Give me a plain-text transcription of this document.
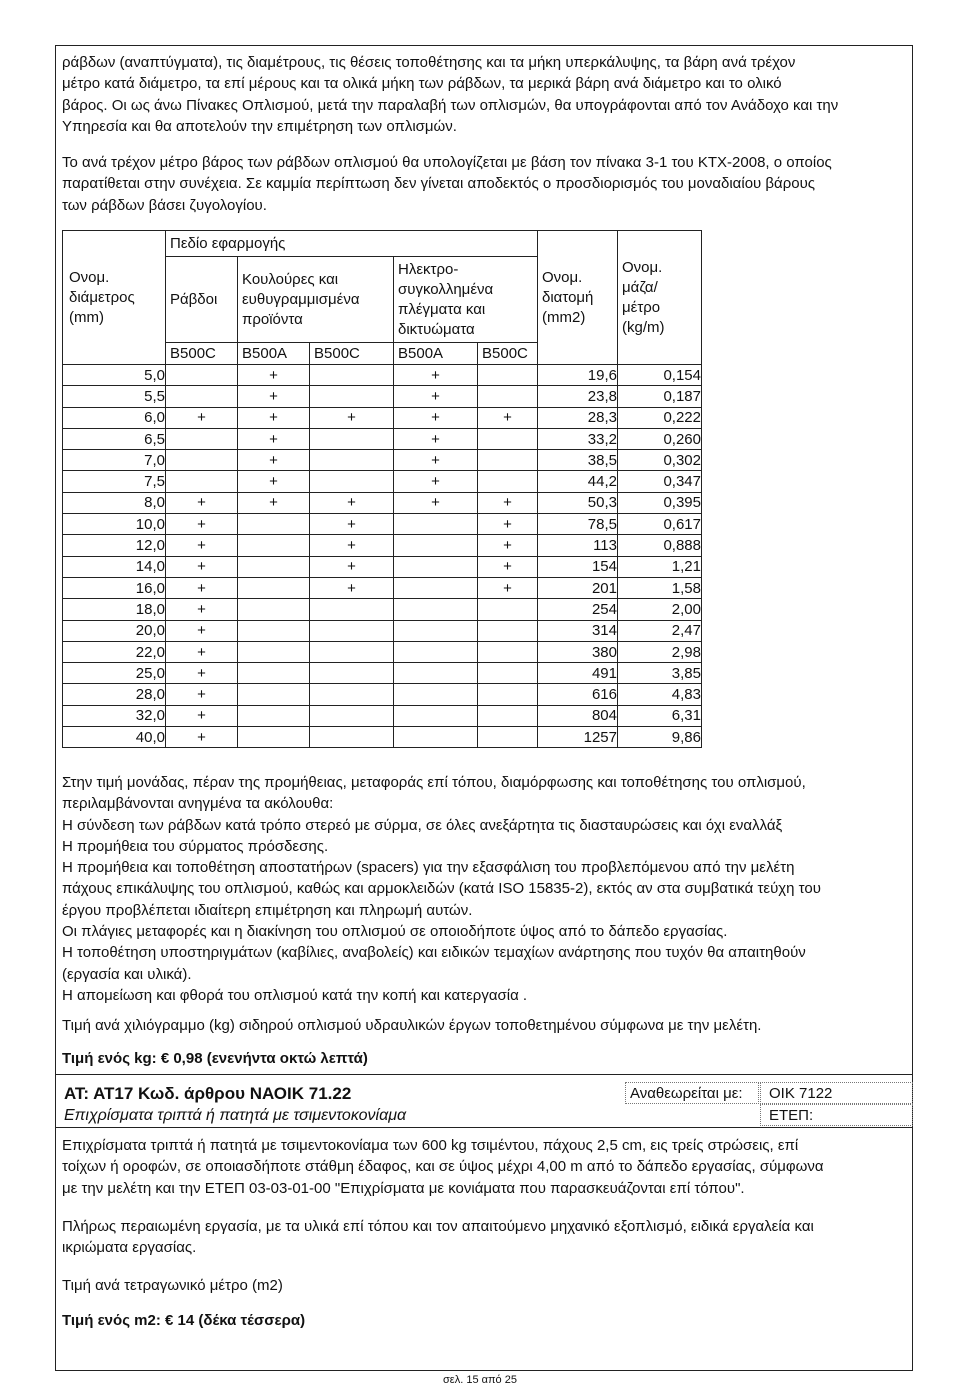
ράβδων (αναπτύγματα), τις διαμέτρους, τις θέσεις τοποθέτησης και τα μήκη υπερκάλυψης, τα βάρη ανά τρέχον
μέτρο κατά διάμετρο, τα επί μέρους και τα ολικά μήκη των ράβδων, τα μερικά βάρη ανά διάμετρο και το ολικό
βάρος. Οι ως άνω Πίνακες Οπλισμού, μετά την παραλαβή των οπλισμών, θα υπογράφονται από τον Ανάδοχο και την
Υπηρεσία και θα αποτελούν την επιμέτρηση των οπλισμών.
Το ανά τρέχον μέτρο βάρος των ράβδων οπλισμού θα υπολογίζεται με βάση τον πίνακα 3-1 του ΚΤΧ-2008, ο οποίος
παρατίθεται στην συνέχεια. Σε καμμία περίπτωση δεν γίνεται αποδεκτός ο προσδιορισμός του μοναδιαίου βάρους
των ράβδων βάσει ζυγολογίου.
Ονομ. διάμετρος (mm)	Πεδίο εφαρμογής					Ονομ. διατομή (mm2)	Ονομ. μάζα/ μέτρο (kg/m)

	Ράβδοι	Κουλούρες και ευθυγραμμισμένα προϊόντα		Ηλεκτρο-συγκολλημένα πλέγματα και δικτυώματα			

	B500C	B500A	B500C	B500A	B500C		
5,0		+		+		19,6	0,154
5,5		+		+		23,8	0,187
6,0	+	+	+	+	+	28,3	0,222
6,5		+		+		33,2	0,260
7,0		+		+		38,5	0,302
7,5		+		+		44,2	0,347
8,0	+	+	+	+	+	50,3	0,395
10,0	+		+		+	78,5	0,617
12,0	+		+		+	113	0,888
14,0	+		+		+	154	1,21
16,0	+		+		+	201	1,58
18,0	+					254	2,00
20,0	+					314	2,47
22,0	+					380	2,98
25,0	+					491	3,85
28,0	+					616	4,83
32,0	+					804	6,31
40,0	+					1257	9,86
Στην τιμή μονάδας, πέραν της προμήθειας, μεταφοράς επί τόπου, διαμόρφωσης και τοποθέτησης του οπλισμού,
περιλαμβάνονται ανηγμένα τα ακόλουθα:
Η σύνδεση των ράβδων κατά τρόπο στερεό με σύρμα, σε όλες ανεξάρτητα τις διασταυρώσεις και όχι εναλλάξ
Η προμήθεια του σύρματος πρόσδεσης.
Η προμήθεια και τοποθέτηση αποστατήρων (spacers) για την εξασφάλιση του προβλεπόμενου από την μελέτη
πάχους επικάλυψης του οπλισμού, καθώς και αρμοκλειδών (κατά ISO 15835-2), εκτός αν στα συμβατικά τεύχη του
έργου προβλέπεται ιδιαίτερη επιμέτρηση και πληρωμή αυτών.
Οι πλάγιες μεταφορές και η διακίνηση του οπλισμού σε οποιοδήποτε ύψος από το δάπεδο εργασίας.
Η τοποθέτηση υποστηριγμάτων (καβίλιες, αναβολείς) και ειδικών τεμαχίων ανάρτησης που τυχόν θα απαιτηθούν
(εργασία και υλικά).
Η απομείωση και φθορά του οπλισμού κατά την κοπή και κατεργασία .
Τιμή ανά χιλιόγραμμο (kg) σιδηρού οπλισμού υδραυλικών έργων τοποθετημένου σύμφωνα με την μελέτη.
Τιμή ενός kg: € 0,98 (ενενήντα οκτώ λεπτά)
ΑΤ: ΑΤ17 Κωδ. άρθρου ΝΑΟΙΚ 71.22
Επιχρίσματα τριπτά ή πατητά με τσιμεντοκονίαμα
Αναθεωρείται με:	ΟΙΚ 7122
ΕΤΕΠ:
Επιχρίσματα τριπτά ή πατητά με τσιμεντοκονίαμα των 600 kg τσιμέντου, πάχους 2,5 cm, εις τρείς στρώσεις, επί
τοίχων ή οροφών, σε οποιασδήποτε στάθμη έδαφος, και σε ύψος μέχρι 4,00 m από το δάπεδο εργασίας, σύμφωνα
με την μελέτη και την ΕΤΕΠ 03-03-01-00 "Επιχρίσματα με κονιάματα που παρασκευάζονται επί τόπου".
Πλήρως περαιωμένη εργασία, με τα υλικά επί τόπου και τον απαιτούμενο μηχανικό εξοπλισμό, ειδικά εργαλεία και
ικριώματα εργασίας.
Τιμή ανά τετραγωνικό μέτρο (m2)
Τιμή ενός m2: € 14 (δέκα τέσσερα)
σελ. 15 από 25
